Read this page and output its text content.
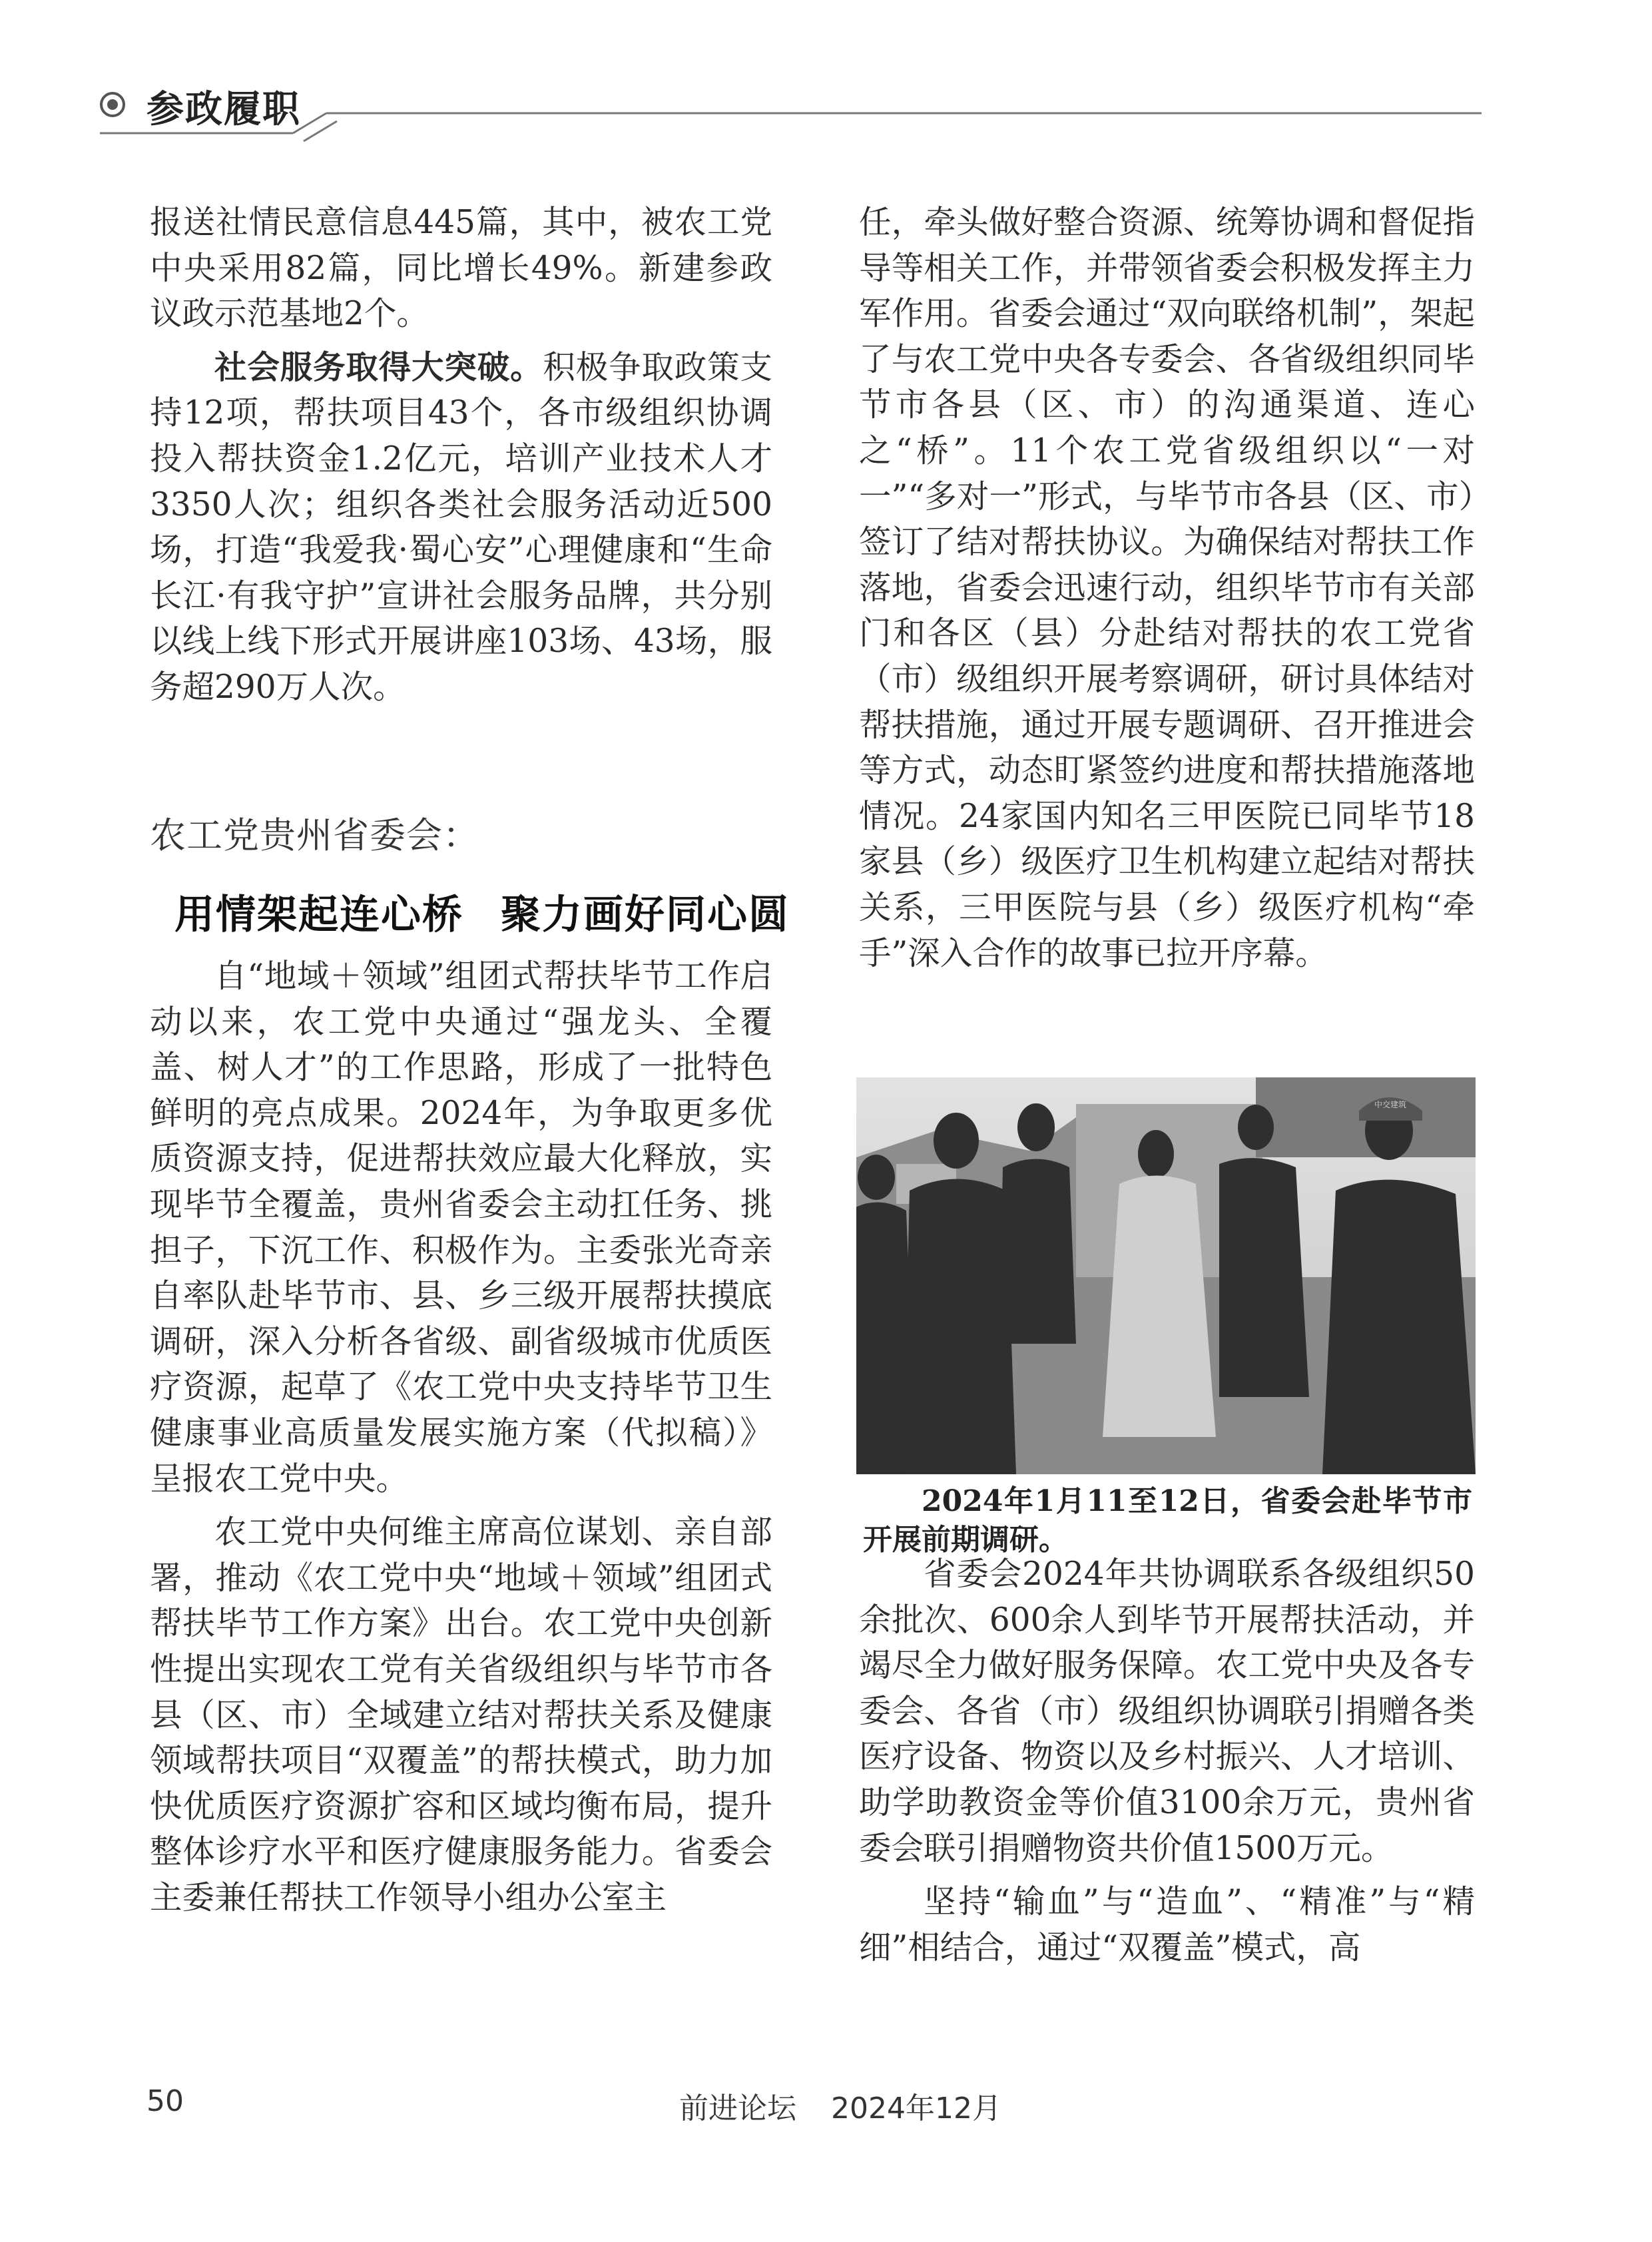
参政履职

报送社情民意信息445篇，其中，被农工党中央采用82篇，同比增长49%。新建参政议政示范基地2个。

社会服务取得大突破。积极争取政策支持12项，帮扶项目43个，各市级组织协调投入帮扶资金1.2亿元，培训产业技术人才3350人次；组织各类社会服务活动近500场，打造“我爱我·蜀心安”心理健康和“生命长江·有我守护”宣讲社会服务品牌，共分别以线上线下形式开展讲座103场、43场，服务超290万人次。

农工党贵州省委会：
用情架起连心桥 聚力画好同心圆

自“地域＋领域”组团式帮扶毕节工作启动以来，农工党中央通过“强龙头、全覆盖、树人才”的工作思路，形成了一批特色鲜明的亮点成果。2024年，为争取更多优质资源支持，促进帮扶效应最大化释放，实现毕节全覆盖，贵州省委会主动扛任务、挑担子，下沉工作、积极作为。主委张光奇亲自率队赴毕节市、县、乡三级开展帮扶摸底调研，深入分析各省级、副省级城市优质医疗资源，起草了《农工党中央支持毕节卫生健康事业高质量发展实施方案（代拟稿）》呈报农工党中央。

农工党中央何维主席高位谋划、亲自部署，推动《农工党中央“地域＋领域”组团式帮扶毕节工作方案》出台。农工党中央创新性提出实现农工党有关省级组织与毕节市各县（区、市）全域建立结对帮扶关系及健康领域帮扶项目“双覆盖”的帮扶模式，助力加快优质医疗资源扩容和区域均衡布局，提升整体诊疗水平和医疗健康服务能力。省委会主委兼任帮扶工作领导小组办公室主

任，牵头做好整合资源、统筹协调和督促指导等相关工作，并带领省委会积极发挥主力军作用。省委会通过“双向联络机制”，架起了与农工党中央各专委会、各省级组织同毕节市各县（区、市）的沟通渠道、连心之“桥”。11个农工党省级组织以“一对一”“多对一”形式，与毕节市各县（区、市）签订了结对帮扶协议。为确保结对帮扶工作落地，省委会迅速行动，组织毕节市有关部门和各区（县）分赴结对帮扶的农工党省（市）级组织开展考察调研，研讨具体结对帮扶措施，通过开展专题调研、召开推进会等方式，动态盯紧签约进度和帮扶措施落地情况。24家国内知名三甲医院已同毕节18家县（乡）级医疗卫生机构建立起结对帮扶关系，三甲医院与县（乡）级医疗机构“牵手”深入合作的故事已拉开序幕。

中交建筑
2024年1月11至12日，省委会赴毕节市开展前期调研。

省委会2024年共协调联系各级组织50余批次、600余人到毕节开展帮扶活动，并竭尽全力做好服务保障。农工党中央及各专委会、各省（市）级组织协调联引捐赠各类医疗设备、物资以及乡村振兴、人才培训、助学助教资金等价值3100余万元，贵州省委会联引捐赠物资共价值1500万元。

坚持“输血”与“造血”、“精准”与“精细”相结合，通过“双覆盖”模式，高

50	前进论坛 2024年12月
